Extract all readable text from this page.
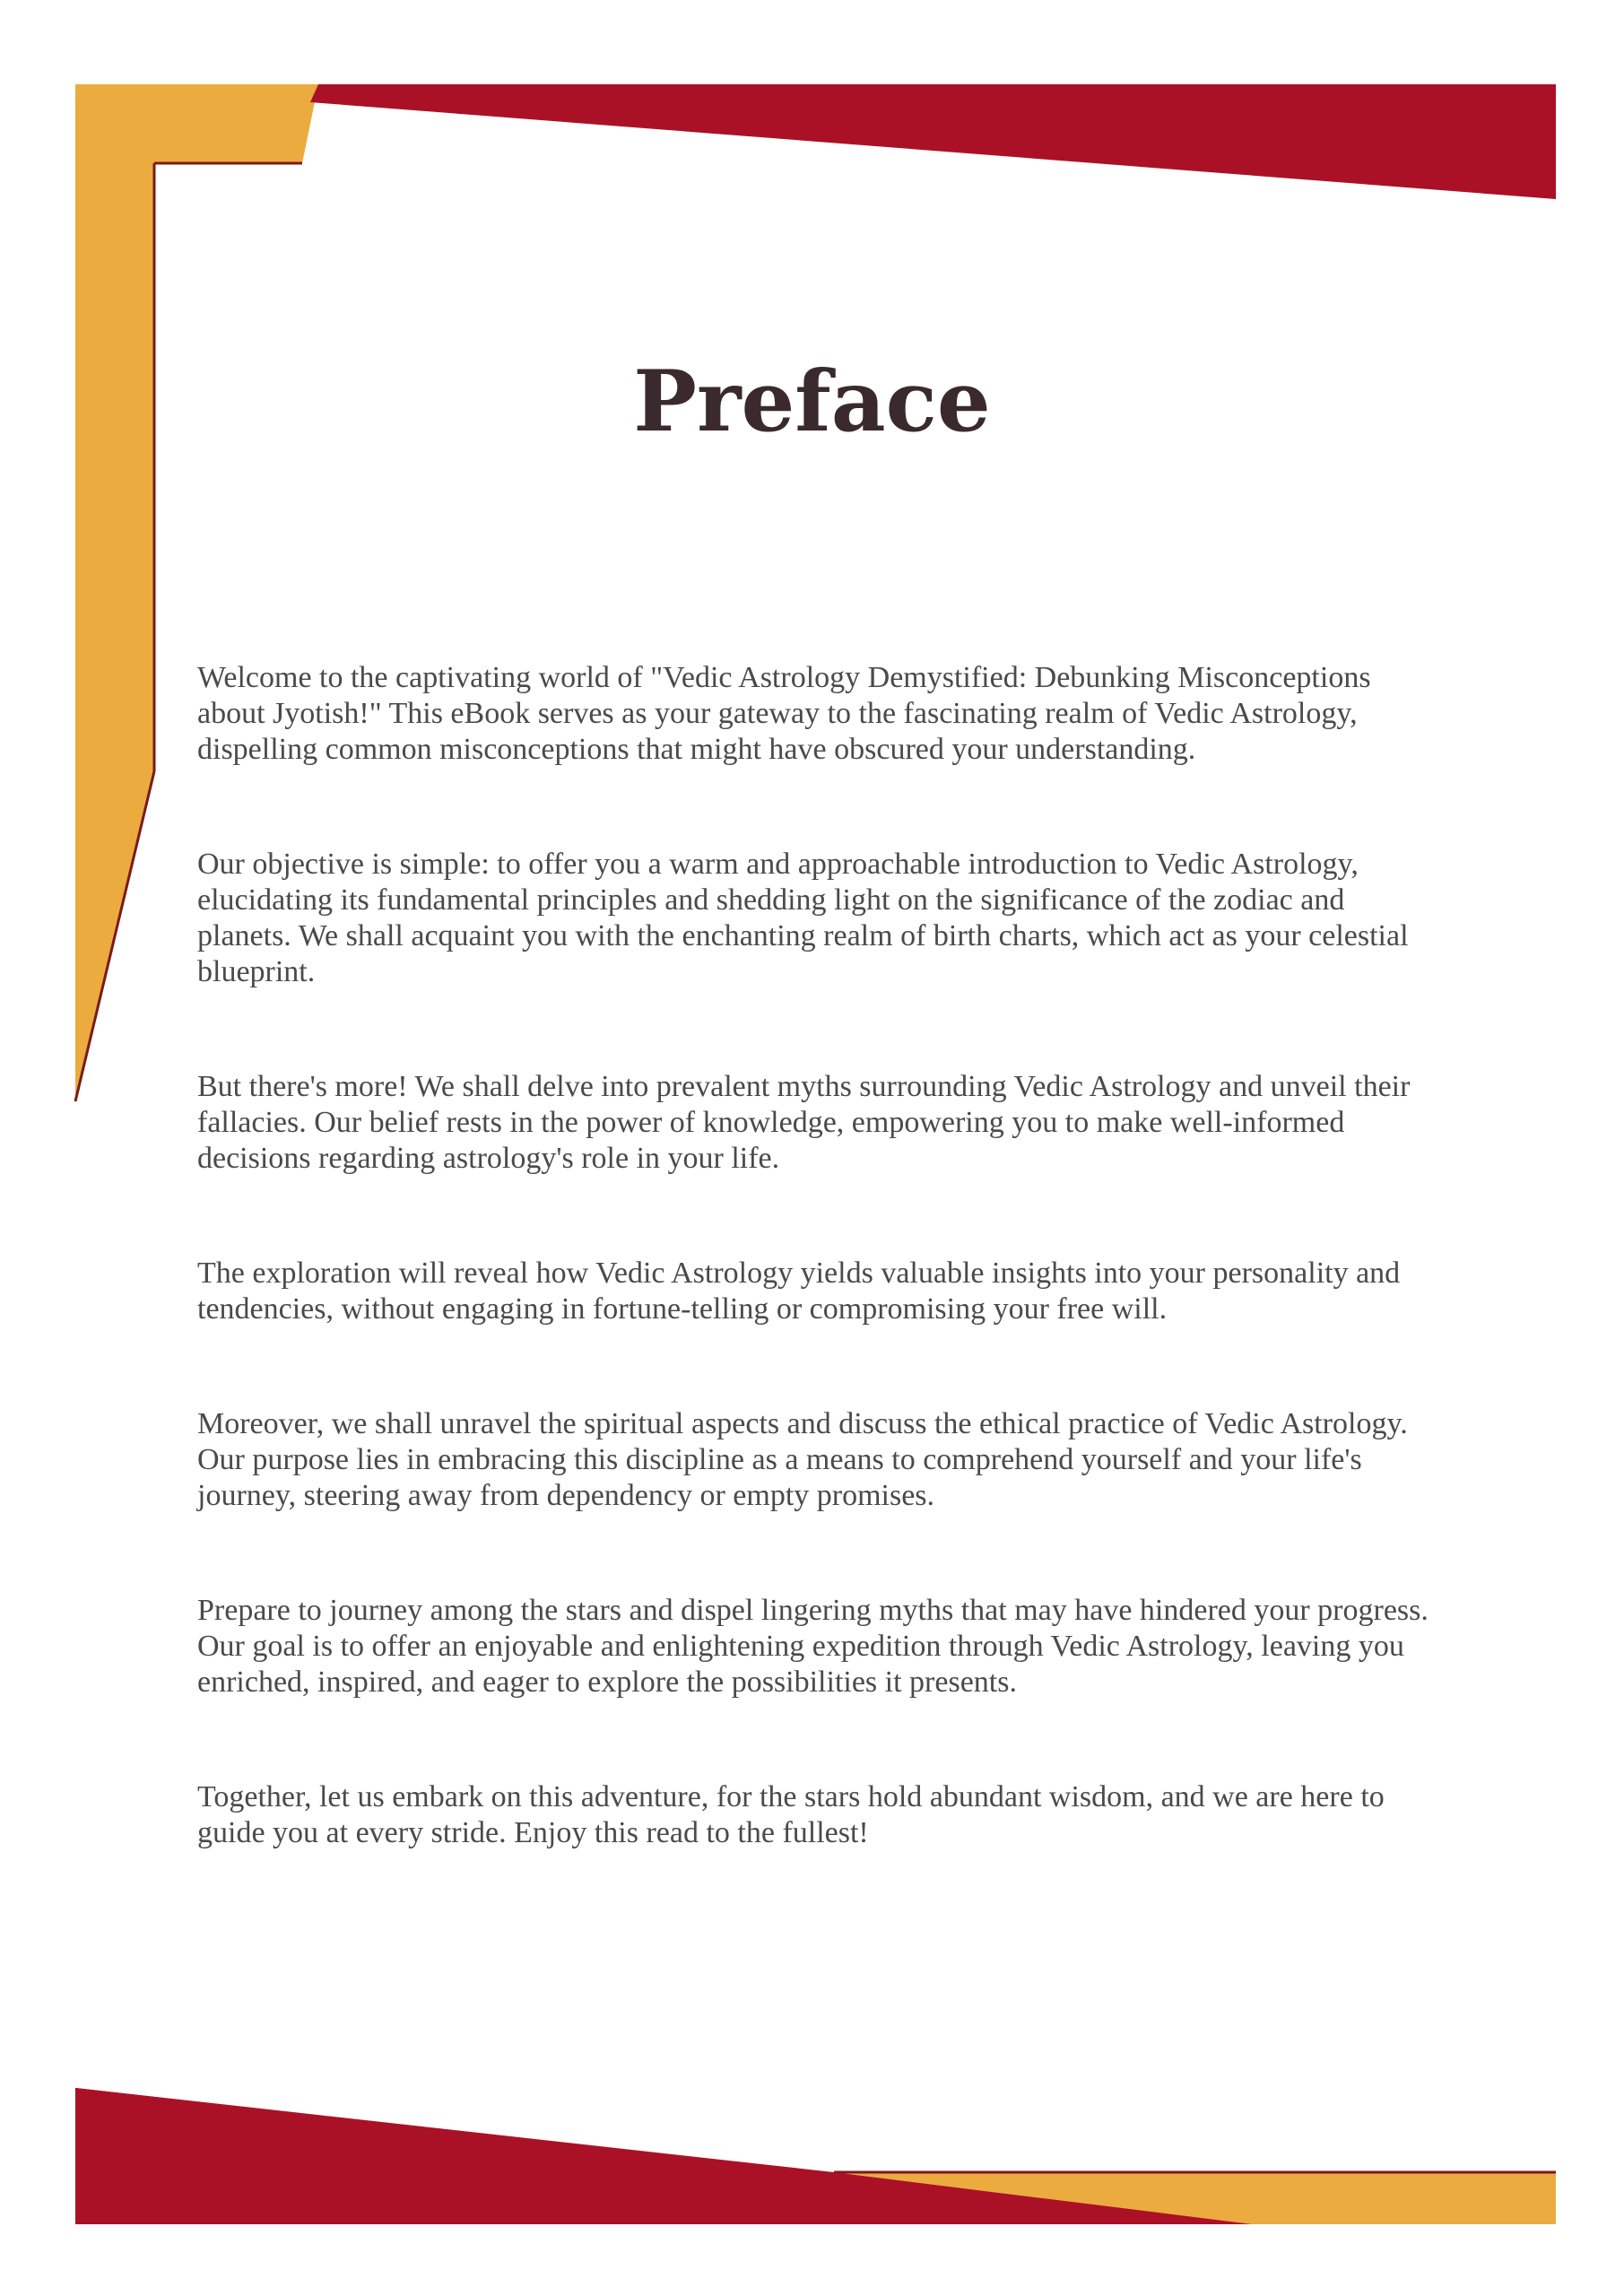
Preface

Welcome to the captivating world of "Vedic Astrology Demystified: Debunking Misconceptions about Jyotish!" This eBook serves as your gateway to the fascinating realm of Vedic Astrology, dispelling common misconceptions that might have obscured your understanding.

Our objective is simple: to offer you a warm and approachable introduction to Vedic Astrology, elucidating its fundamental principles and shedding light on the significance of the zodiac and planets. We shall acquaint you with the enchanting realm of birth charts, which act as your celestial blueprint.

But there's more! We shall delve into prevalent myths surrounding Vedic Astrology and unveil their fallacies. Our belief rests in the power of knowledge, empowering you to make well-informed decisions regarding astrology's role in your life.

The exploration will reveal how Vedic Astrology yields valuable insights into your personality and tendencies, without engaging in fortune-telling or compromising your free will.

Moreover, we shall unravel the spiritual aspects and discuss the ethical practice of Vedic Astrology. Our purpose lies in embracing this discipline as a means to comprehend yourself and your life's journey, steering away from dependency or empty promises.

Prepare to journey among the stars and dispel lingering myths that may have hindered your progress. Our goal is to offer an enjoyable and enlightening expedition through Vedic Astrology, leaving you enriched, inspired, and eager to explore the possibilities it presents.

Together, let us embark on this adventure, for the stars hold abundant wisdom, and we are here to guide you at every stride. Enjoy this read to the fullest!
